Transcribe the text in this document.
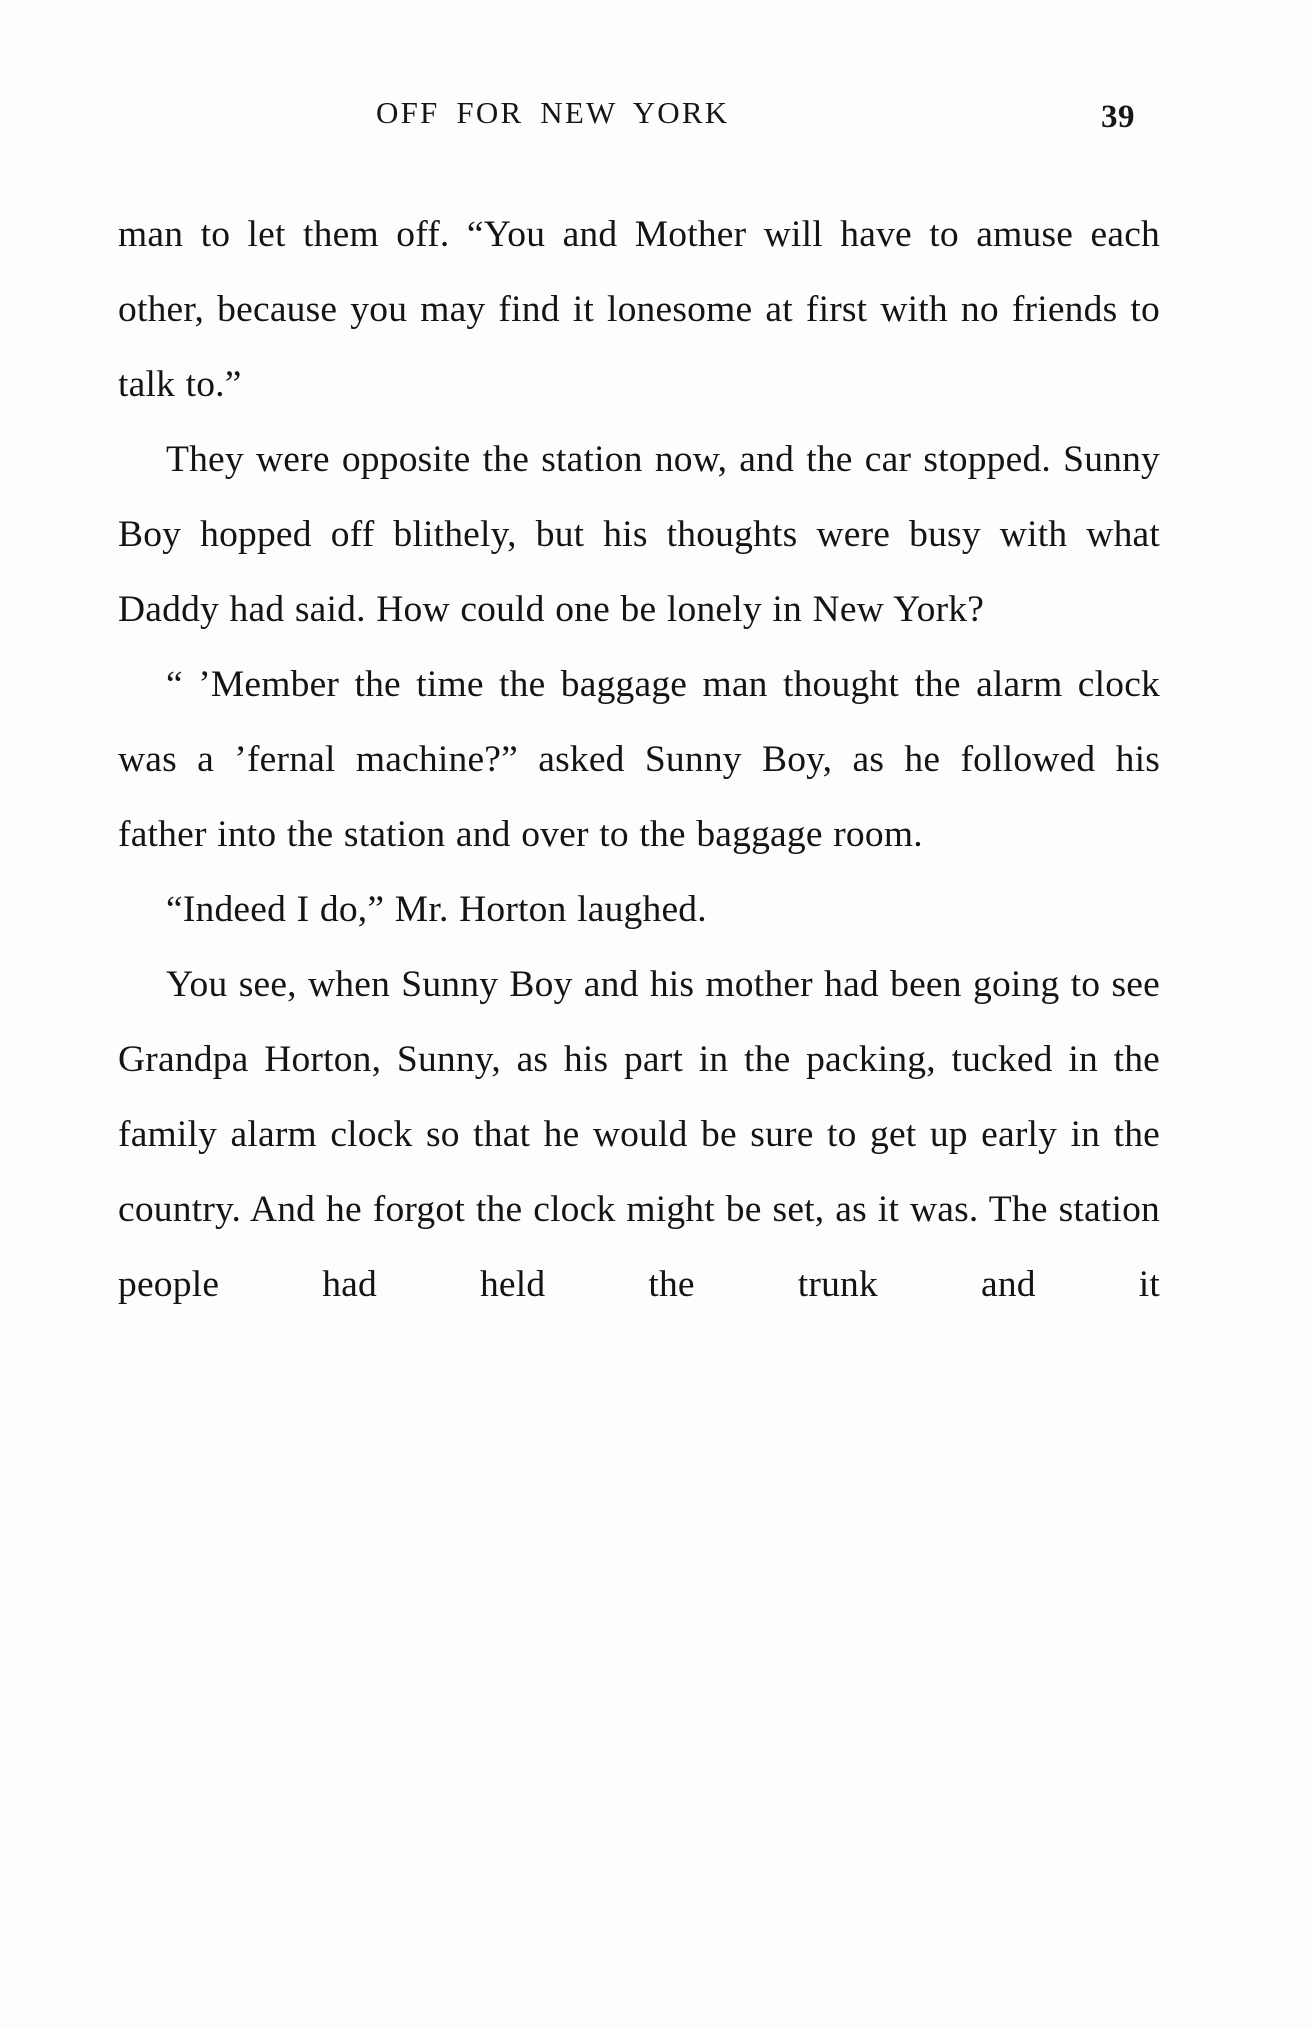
OFF FOR NEW YORK	39

man to let them off. “You and Mother will have to amuse each other, because you may find it lonesome at first with no friends to talk to.”

They were opposite the station now, and the car stopped. Sunny Boy hopped off blithely, but his thoughts were busy with what Daddy had said. How could one be lonely in New York?

“ ’Member the time the baggage man thought the alarm clock was a ’fernal machine?” asked Sunny Boy, as he followed his father into the station and over to the baggage room.

“Indeed I do,” Mr. Horton laughed.

You see, when Sunny Boy and his mother had been going to see Grandpa Horton, Sunny, as his part in the packing, tucked in the family alarm clock so that he would be sure to get up early in the country. And he forgot the clock might be set, as it was. The station people had held the trunk and it
